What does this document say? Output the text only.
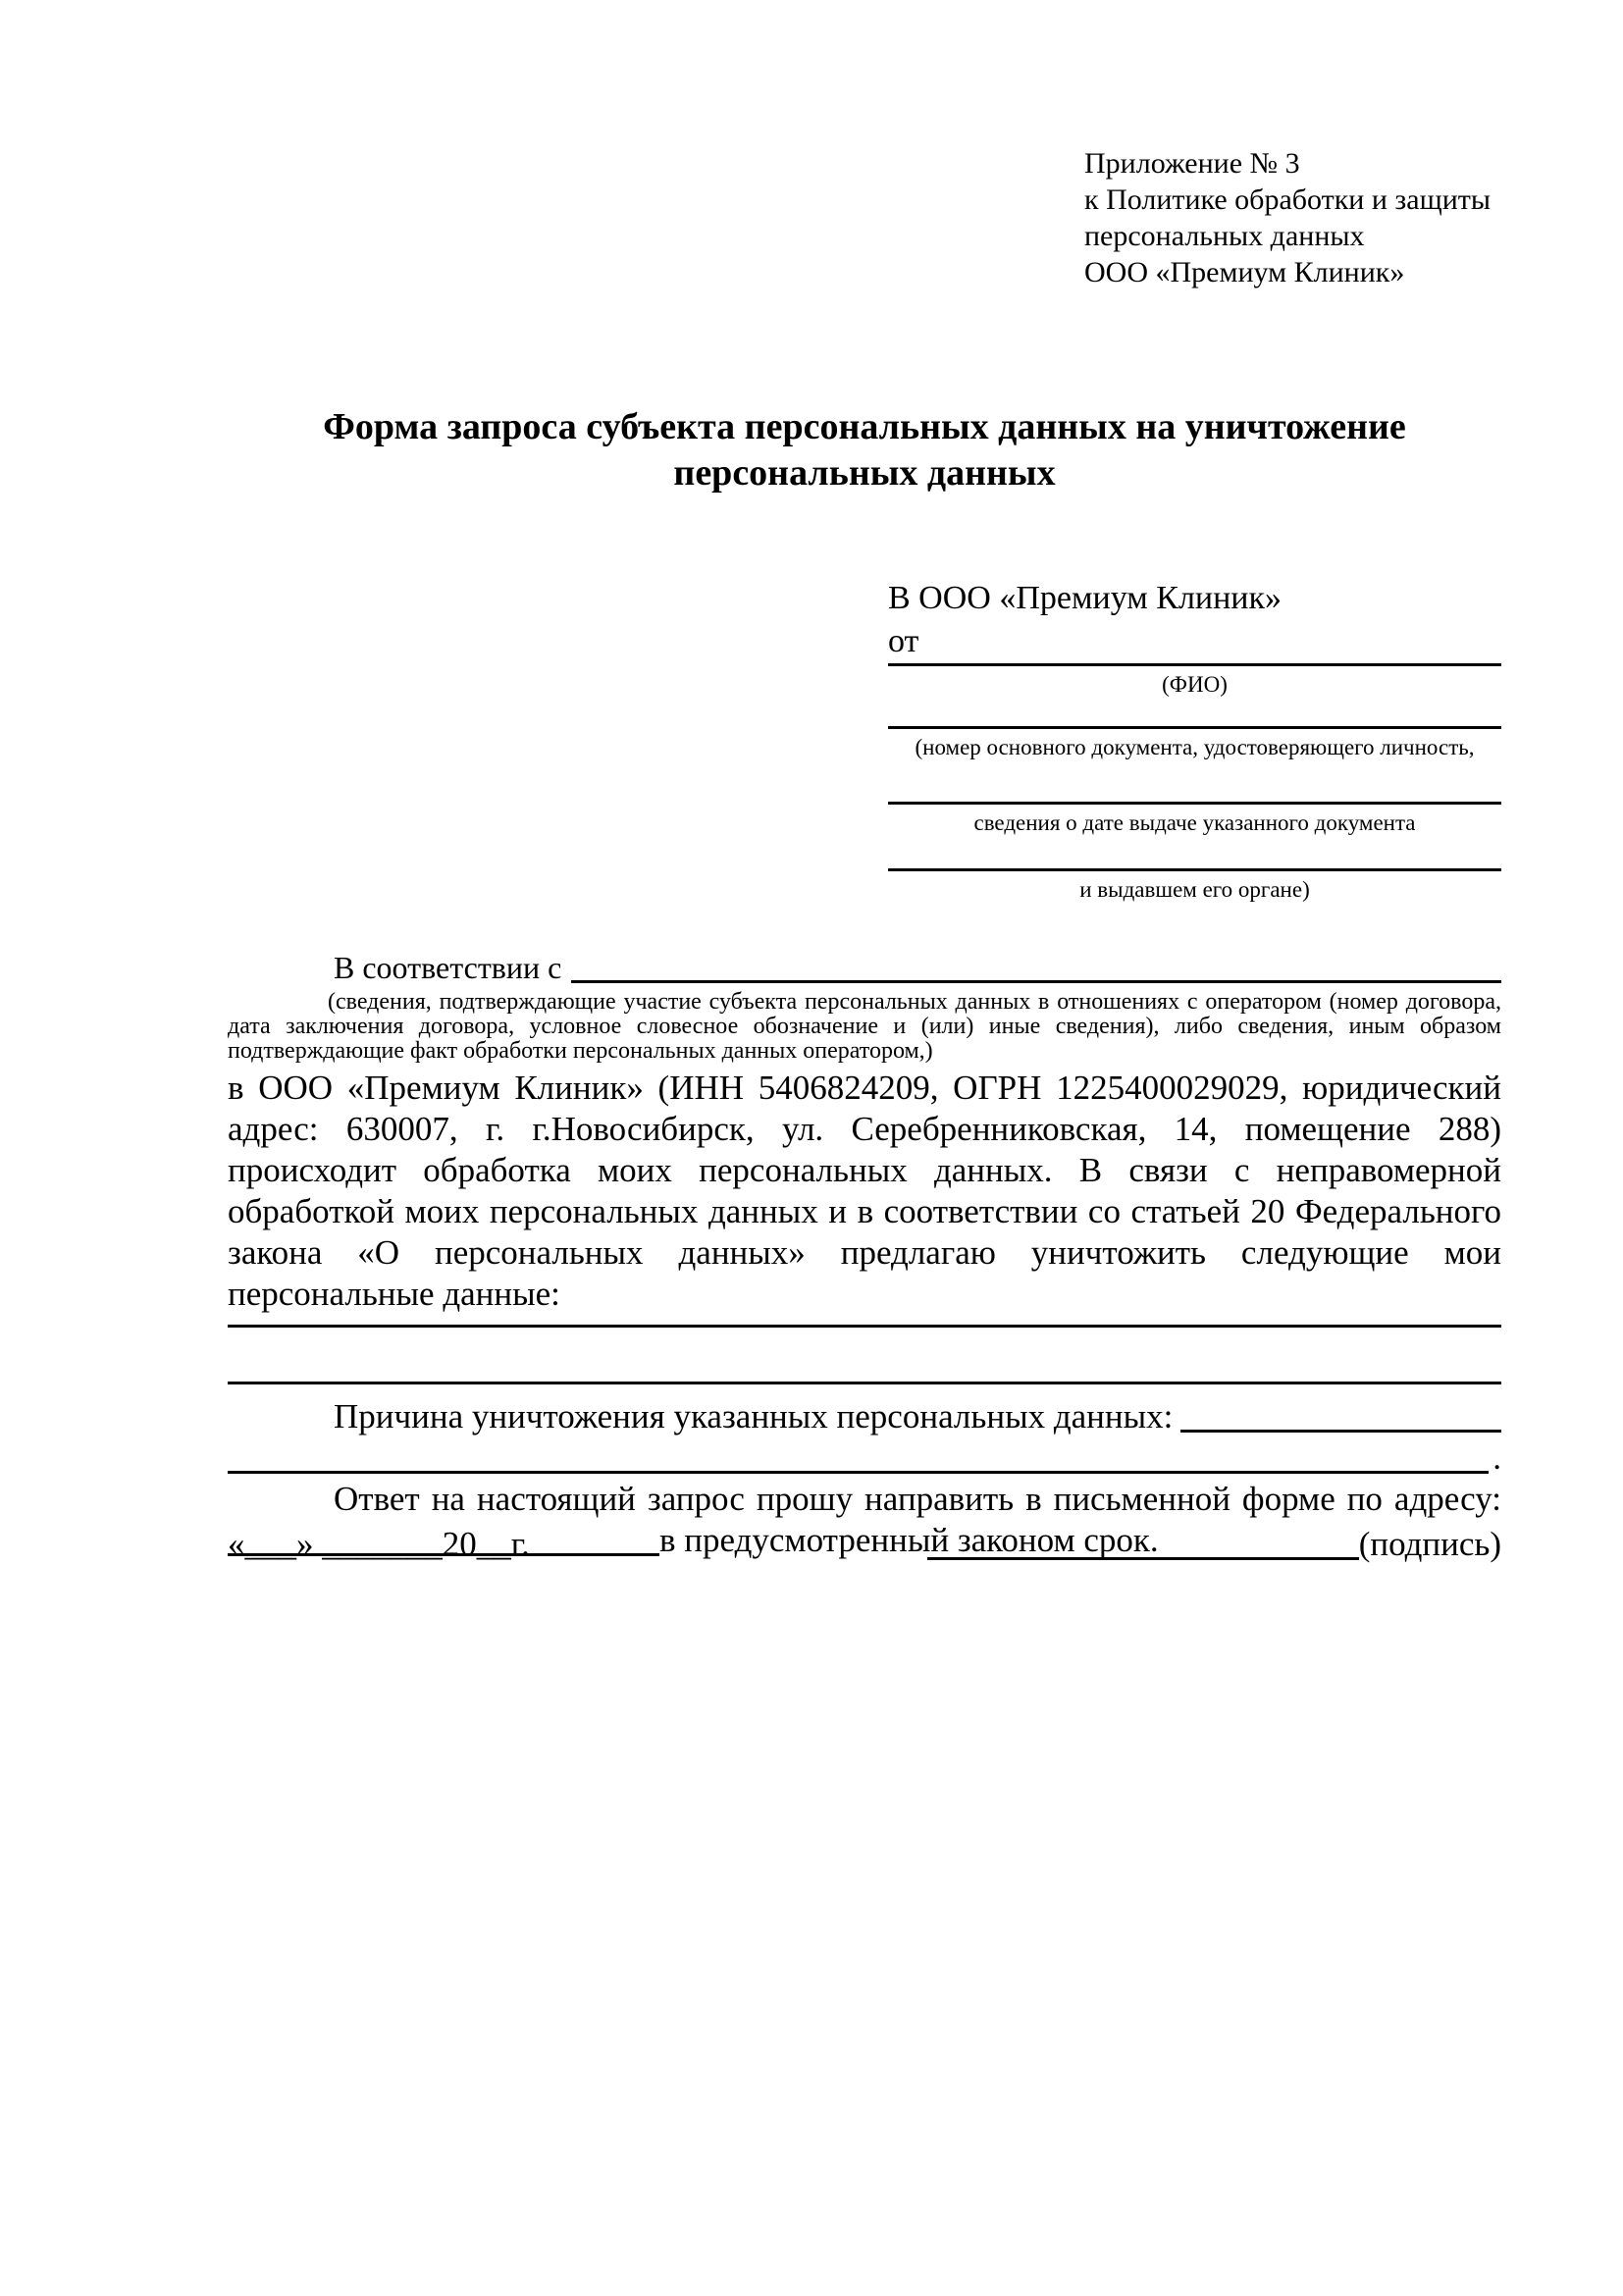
Приложение № 3
к Политике обработки и защиты
персональных данных
ООО «Премиум Клиник»
Форма запроса субъекта персональных данных на уничтожение персональных данных
В ООО «Премиум Клиник»
от
(ФИО)
(номер основного документа, удостоверяющего личность,
сведения о дате выдаче указанного документа
и выдавшем его органе)
В соответствии с
(сведения, подтверждающие участие субъекта персональных данных в отношениях с оператором (номер договора, дата заключения договора, условное словесное обозначение и (или) иные сведения), либо сведения, иным образом подтверждающие факт обработки персональных данных оператором,)
в ООО «Премиум Клиник» (ИНН 5406824209, ОГРН 1225400029029, юридический адрес: 630007, г. г.Новосибирск, ул. Серебренниковская, 14, помещение 288) происходит обработка моих персональных данных. В связи с неправомерной обработкой моих персональных данных и в соответствии со статьей 20 Федерального закона «О персональных данных» предлагаю уничтожить следующие мои персональные данные:
Причина уничтожения указанных персональных данных:
.
Ответ на настоящий запрос прошу направить в письменной форме по адресу:
в предусмотренный законом срок.
«___» _______20__г.	(подпись)
